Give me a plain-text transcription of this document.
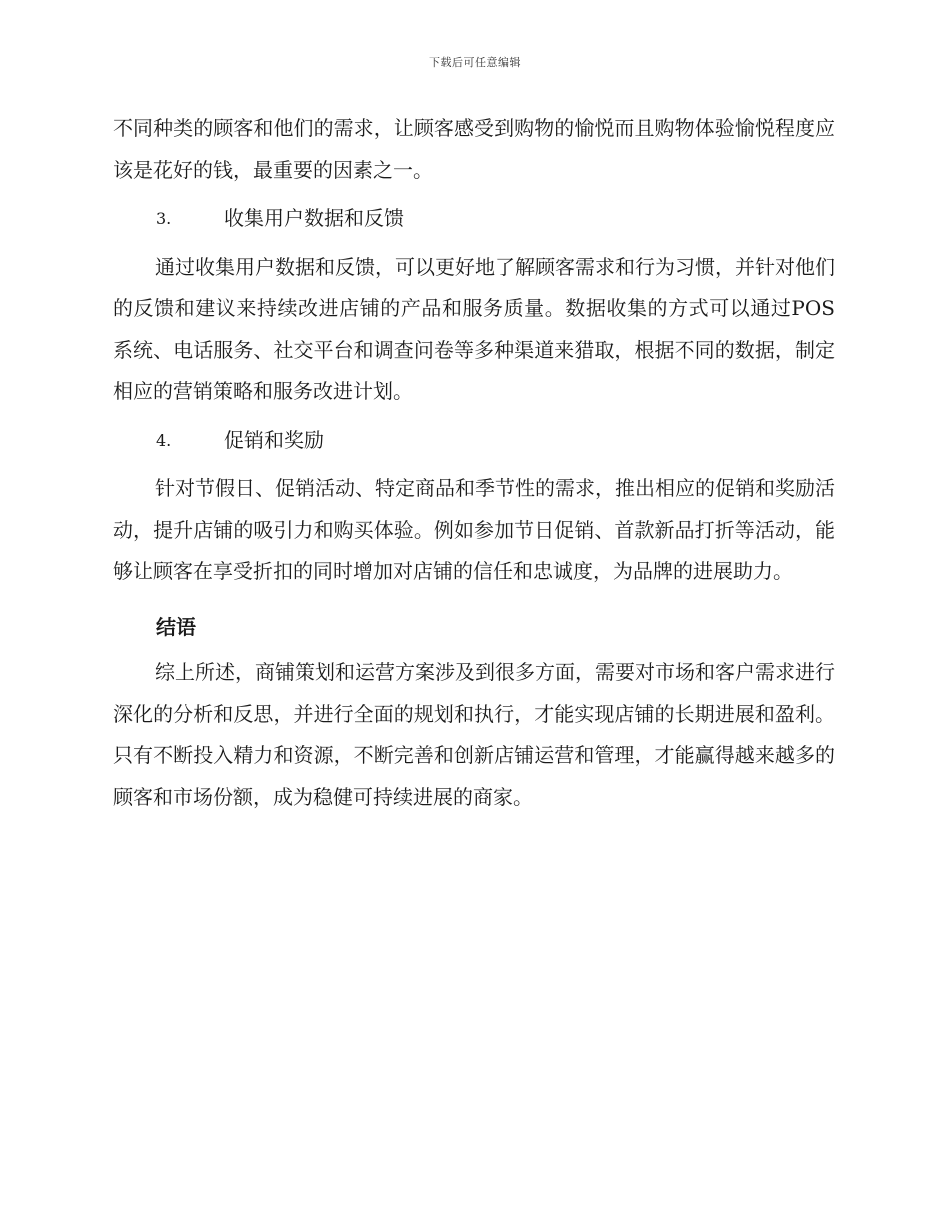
下载后可任意编辑

不同种类的顾客和他们的需求，让顾客感受到购物的愉悦而且购物体验愉悦程度应该是花好的钱，最重要的因素之一。

3.	收集用户数据和反馈

通过收集用户数据和反馈，可以更好地了解顾客需求和行为习惯，并针对他们的反馈和建议来持续改进店铺的产品和服务质量。数据收集的方式可以通过POS系统、电话服务、社交平台和调查问卷等多种渠道来猎取，根据不同的数据，制定相应的营销策略和服务改进计划。

4.	促销和奖励

针对节假日、促销活动、特定商品和季节性的需求，推出相应的促销和奖励活动，提升店铺的吸引力和购买体验。例如参加节日促销、首款新品打折等活动，能够让顾客在享受折扣的同时增加对店铺的信任和忠诚度，为品牌的进展助力。

结语

综上所述，商铺策划和运营方案涉及到很多方面，需要对市场和客户需求进行深化的分析和反思，并进行全面的规划和执行，才能实现店铺的长期进展和盈利。只有不断投入精力和资源，不断完善和创新店铺运营和管理，才能赢得越来越多的顾客和市场份额，成为稳健可持续进展的商家。
